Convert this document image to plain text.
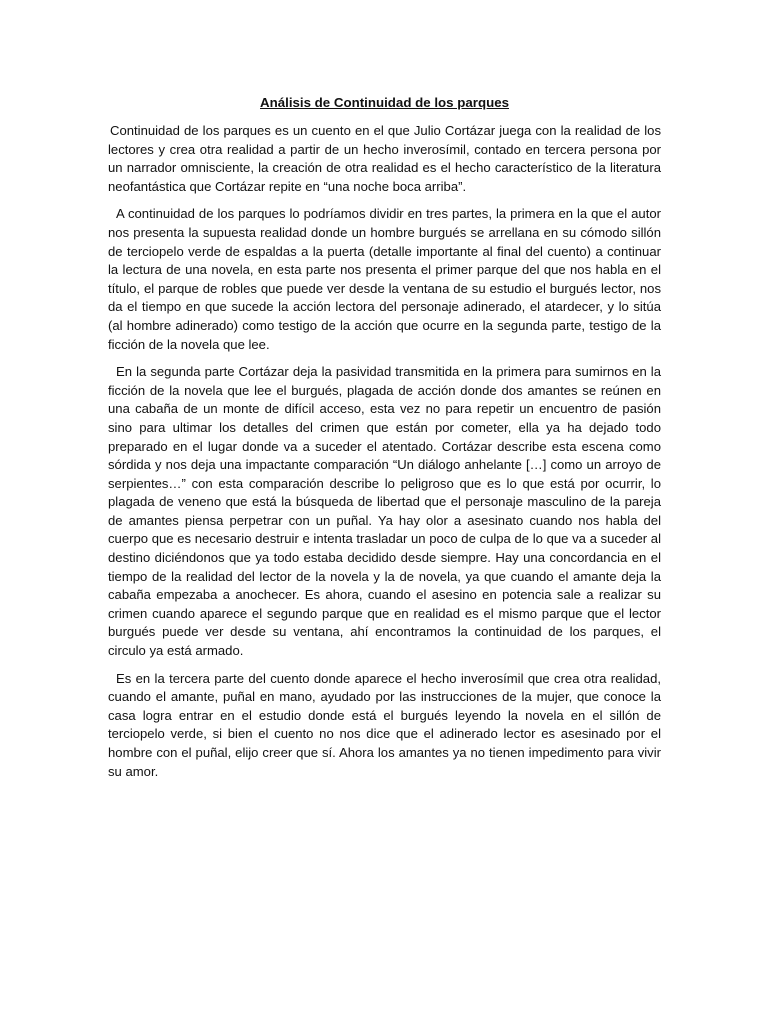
Análisis de Continuidad de los parques

Continuidad de los parques es un cuento en el que Julio Cortázar juega con la realidad de los lectores y crea otra realidad a partir de un hecho inverosímil, contado en tercera persona por un narrador omnisciente, la creación de otra realidad es el hecho característico de la literatura neofantástica que Cortázar repite en “una noche boca arriba”.

A continuidad de los parques lo podríamos dividir en tres partes, la primera en la que el autor nos presenta la supuesta realidad donde un hombre burgués se arrellana en su cómodo sillón de terciopelo verde de espaldas a la puerta (detalle importante al final del cuento) a continuar la lectura de una novela, en esta parte nos presenta el primer parque del que nos habla en el título, el parque de robles que puede ver desde la ventana de su estudio el burgués lector, nos da el tiempo en que sucede la acción lectora del personaje adinerado, el atardecer, y lo sitúa (al hombre adinerado) como testigo de la acción que ocurre en la segunda parte, testigo de la ficción de la novela que lee.

En la segunda parte Cortázar deja la pasividad transmitida en la primera para sumirnos en la ficción de la novela que lee el burgués, plagada de acción donde dos amantes se reúnen en una cabaña de un monte de difícil acceso, esta vez no para repetir un encuentro de pasión sino para ultimar los detalles del crimen que están por cometer, ella ya ha dejado todo preparado en el lugar donde va a suceder el atentado. Cortázar describe esta escena como sórdida y nos deja una impactante comparación “Un diálogo anhelante […] como un arroyo de serpientes…” con esta comparación describe lo peligroso que es lo que está por ocurrir, lo plagada de veneno que está la búsqueda de libertad que el personaje masculino de la pareja de amantes piensa perpetrar con un puñal. Ya hay olor a asesinato cuando nos habla del cuerpo que es necesario destruir e intenta trasladar un poco de culpa de lo que va a suceder al destino diciéndonos que ya todo estaba decidido desde siempre. Hay una concordancia en el tiempo de la realidad del lector de la novela y la de novela, ya que cuando el amante deja la cabaña empezaba a anochecer. Es ahora, cuando el asesino en potencia sale a realizar su crimen cuando aparece el segundo parque que en realidad es el mismo parque que el lector burgués puede ver desde su ventana, ahí encontramos la continuidad de los parques, el circulo ya está armado.

Es en la tercera parte del cuento donde aparece el hecho inverosímil que crea otra realidad, cuando el amante, puñal en mano, ayudado por las instrucciones de la mujer, que conoce la casa logra entrar en el estudio donde está el burgués leyendo la novela en el sillón de terciopelo verde, si bien el cuento no nos dice que el adinerado lector es asesinado por el hombre con el puñal, elijo creer que sí. Ahora los amantes ya no tienen impedimento para vivir su amor.
